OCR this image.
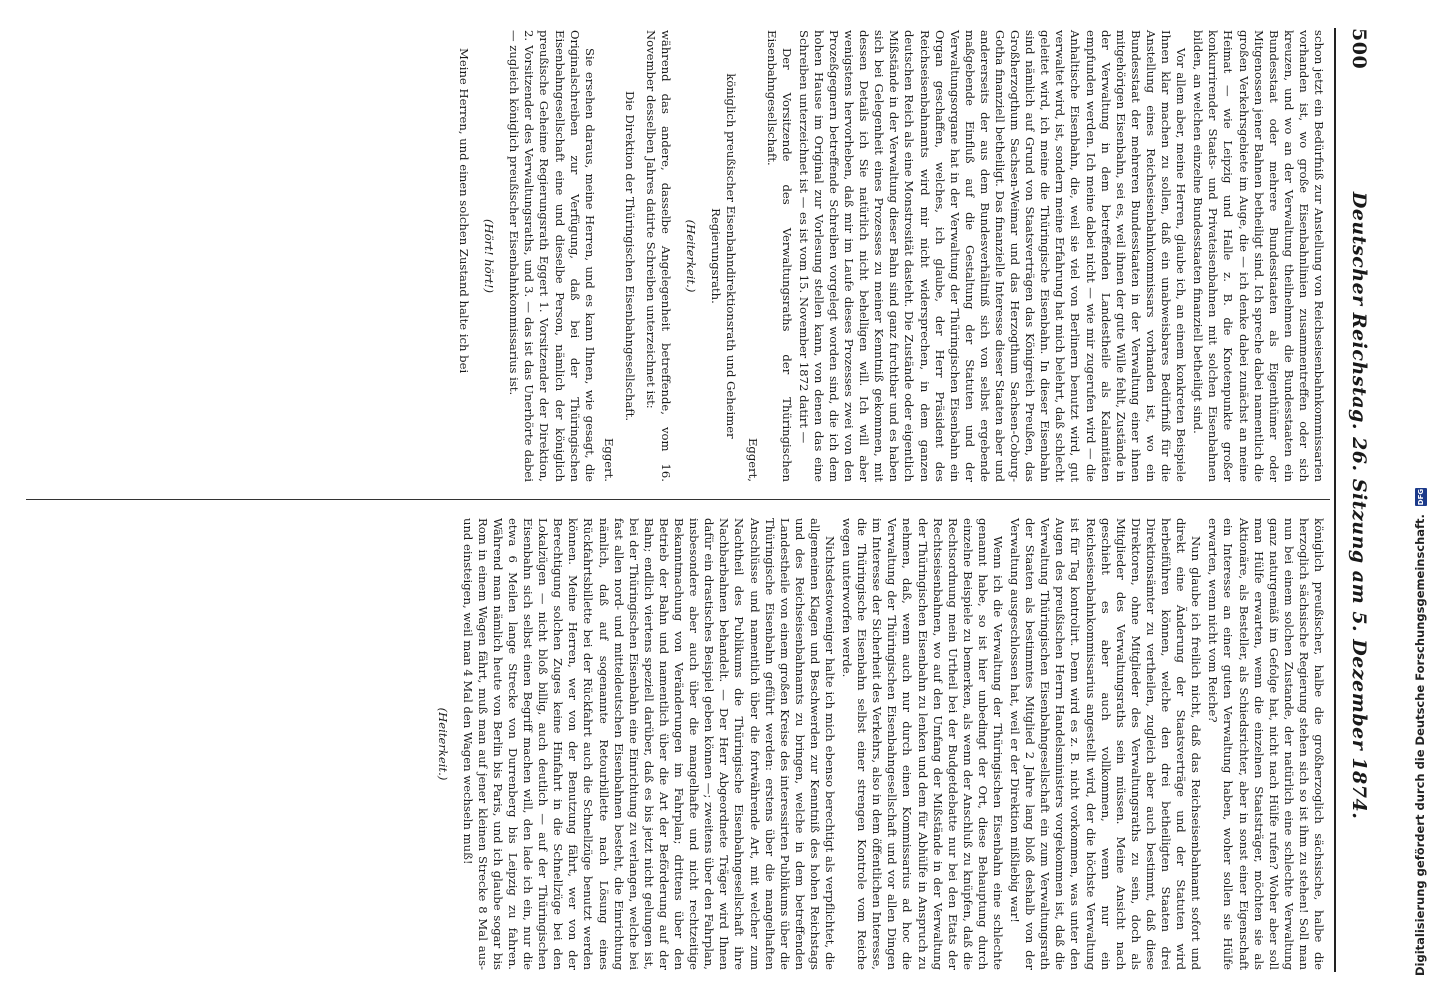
500
Deutscher Reichstag. 26. Sitzung am 5. Dezember 1874.

schon jetzt ein Bedürfniß zur Anstellung von Reichseisenbahnkommissarien vorhanden ist, wo große Eisenbahnlinien zusammentreffen oder sich kreuzen, und wo an der Verwaltung theilnehmen die Bundesstaaten ein Bundesstaat oder mehrere Bundesstaaten als Eigenthümer oder Mitgenossen jener Bahnen betheiligt sind. Ich spreche dabei namentlich die großen Verkehrsgebiete im Auge, die — ich denke dabei zunächst an meine Heimat — wie Leipzig und Halle z. B. die Knotenpunkte großer konkurrirender Staats- und Privateisenbahnen mit solchen Eisenbahnen bilden, an welchen einzelne Bundesstaaten finanziell betheiligt sind.

Vor allem aber, meine Herren, glaube ich, an einem konkreten Beispiele Ihnen klar machen zu sollen, daß ein unabweisbares Bedürfniß für die Anstellung eines Reichseisenbahnkommissars vorhanden ist, wo ein Bundesstaat der mehreren Bundesstaaten in der Verwaltung einer ihnen mitgehörigen Eisenbahn, sei es, weil ihnen der gute Wille fehlt, Zustände in der Verwaltung in dem betreffenden Landestheile als Kalamitäten empfunden werden. Ich meine dabei nicht — wie mir zugerufen wird — die Anhaltische Eisenbahn, die, weil sie viel von Berlinern benutzt wird, gut verwaltet wird, ist, sondern meine Erfahrung hat mich belehrt, daß schlecht geleitet wird, ich meine die Thüringische Eisenbahn. In dieser Eisenbahn sind nämlich auf Grund von Staatsverträgen das Königreich Preußen, das Großherzogthum Sachsen-Weimar und das Herzogthum Sachsen-Coburg-Gotha finanziell betheiligt. Das finanzielle Interesse dieser Staaten aber und andererseits der aus dem Bundesverhältniß sich von selbst ergebende maßgebende Einfluß auf die Gestaltung der Statuten und der Verwaltungsorgane hat in der Verwaltung der Thüringischen Eisenbahn ein Organ geschaffen, welches, ich glaube, der Herr Präsident des Reichseisenbahnamts wird mir nicht widersprechen, in dem ganzen deutschen Reich als eine Monstrosität dasteht. Die Zustände oder eigentlich Mißstände in der Verwaltung dieser Bahn sind ganz furchtbar und es haben sich bei Gelegenheit eines Prozesses zu meiner Kenntniß gekommen, mit dessen Details ich Sie natürlich nicht behelligen will. Ich will aber wenigstens hervorheben, daß mir im Laufe dieses Prozesses zwei von den Prozeßgegnern betreffende Schreiben vorgelegt worden sind, die ich dem hohen Hause im Original zur Vorlesung stellen kann, von denen das eine Schreiben unterzeichnet ist — es ist vom 15. November 1872 datirt —

Der Vorsitzende des Verwaltungsraths der Thüringischen Eisenbahngesellschaft.

Eggert,
königlich preußischer Eisenbahndirektionsrath und Geheimer Regierungsrath.
(Heiterkeit.)

während das andere, dasselbe Angelegenheit betreffende, vom 16. November desselben Jahres datirte Schreiben unterzeichnet ist:

Die Direktion der Thüringischen Eisenbahngesellschaft.
Eggert.

Sie ersehen daraus, meine Herren, und es kann Ihnen, wie gesagt, die Originalschreiben zur Verfügung, daß bei der Thüringischen Eisenbahngesellschaft eine und dieselbe Person, nämlich der königlich preußische Geheime Regierungsrath Eggert 1. Vorsitzender der Direktion, 2. Vorsitzender des Verwaltungsraths, und 3. — das ist das Unerhörte dabei — zugleich königlich preußischer Eisenbahnkommissarius ist.

(Hört! hört!)

Meine Herren, und einen solchen Zustand halte ich bei

königlich preußischer, halbe die großherzoglich sächsische, halbe die herzoglich sächsische Regierung stehen sich so ist ihm zu stehen! Soll man nun bei einem solchen Zustande, der natürlich eine schlechte Verwaltung ganz naturgemäß im Gefolge hat, nicht nach Hülfe rufen? Woher aber soll man Hülfe erwarten, wenn die einzelnen Staatsträger, möchten sie als Aktionäre, als Besteller, als Schiedsrichter, aber in sonst einer Eigenschaft ein Interesse an einer guten Verwaltung haben, woher sollen sie Hülfe erwarten, wenn nicht vom Reiche?

Nun glaube ich freilich nicht, daß das Reichseisenbahnamt sofort und direkt eine Änderung der Staatsverträge und der Statuten wird herbeiführen können, welche den drei betheiligten Staaten drei Direktionsämter zu vertheilen, zugleich aber auch bestimmt, daß diese Direktoren, ohne Mitglieder des Verwaltungsraths zu sein, doch als Mitglieder des Verwaltungsraths sein müssen. Meine Ansicht nach geschieht es aber auch vollkommen, wenn nur ein Reichseisenbahnkommissarius angestellt wird, der die höchste Verwaltung ist für Tag kontrolirt. Denn wird es z. B. nicht vorkommen, was unter den Augen des preußischen Herrn Handelsministers vorgekommen ist, daß die Verwaltung Thüringischen Eisenbahngesellschaft ein zum Verwaltungsrath der Staaten als bestimmtes Mitglied 2 Jahre lang bloß deshalb von der Verwaltung ausgeschlossen hat, weil er der Direktion mißliebig war!

Wenn ich die Verwaltung der Thüringischen Eisenbahn eine schlechte genannt habe, so ist hier unbedingt der Ort, diese Behauptung durch einzelne Beispiele zu bemerken, als wenn der Anschluß zu knüpfen, daß die Rechtsordnung mein Urtheil bei der Budgetdebatte nur bei den Etats der Rechtseisenbahnen, wo auf den Umfang der Mißstände in der Verwaltung der Thüringischen Eisenbahn zu lenken und dem für Abhülfe in Anspruch zu nehmen, daß, wenn auch nur durch einen Kommissarius ad hoc die Verwaltung der Thüringischen Eisenbahngesellschaft und vor allen Dingen im Interesse der Sicherheit des Verkehrs, also in dem öffentlichen Interesse, die Thüringische Eisenbahn selbst einer strengen Kontrole vom Reiche wegen unterworfen werde.

Nichtsdestoweniger halte ich mich ebenso berechtigt als verpflichtet, die allgemeinen Klagen und Beschwerden zur Kenntniß des hohen Reichstags und des Reichseisenbahnamts zu bringen, welche in dem betreffenden Landestheile von einem großen Kreise des interessirten Publikums über die Thüringische Eisenbahn geführt werden: erstens über die mangelhaften Anschlüsse und namentlich über die fortwährende Art, mit welcher zum Nachtheil des Publikums die Thüringische Eisenbahngesellschaft ihre Nachbarbahnen behandelt. — Der Herr Abgeordnete Träger wird Ihnen dafür ein drastisches Beispiel geben können —; zweitens über den Fahrplan, insbesondere aber auch über die mangelhafte und nicht rechtzeitige Bekanntmachung von Veränderungen im Fahrplan; drittens über den Betrieb der Bahn und namentlich über die Art der Beförderung auf der Bahn; endlich viertens speziell darüber, daß es bis jetzt nicht gelungen ist, bei der Thüringischen Eisenbahn eine Einrichtung zu verlangen, welche bei fast allen nord- und mitteldeutschen Eisenbahnen besteht, die Einrichtung nämlich, daß auf sogenannte Retourbillette nach Lösung eines Rückfahrtsbillette bei der Rückfahrt auch die Schnellzüge benutzt werden können. Meine Herren, wer von der Benutzung fährt, wer von der Berechtigung solchen Zuges keine Hinfahrt in die Schnellzüge bei den Lokalzügen — nicht bloß billig, auch deutlich — auf der Thüringischen Eisenbahn sich selbst einen Begriff machen will, den lade ich ein, nur die etwa 6 Meilen lange Strecke von Durrenberg bis Leipzig zu fahren. Während man nämlich heute von Berlin bis Paris, und ich glaube sogar bis Rom in einem Wagen fährt, muß man auf jener kleinen Strecke 8 Mal aus- und einsteigen, weil man 4 Mal den Wagen wechseln muß!

(Heiterkeit.)	Digitalisierung gefördert durch die Deutsche Forschungsgemeinschaft. DFG
